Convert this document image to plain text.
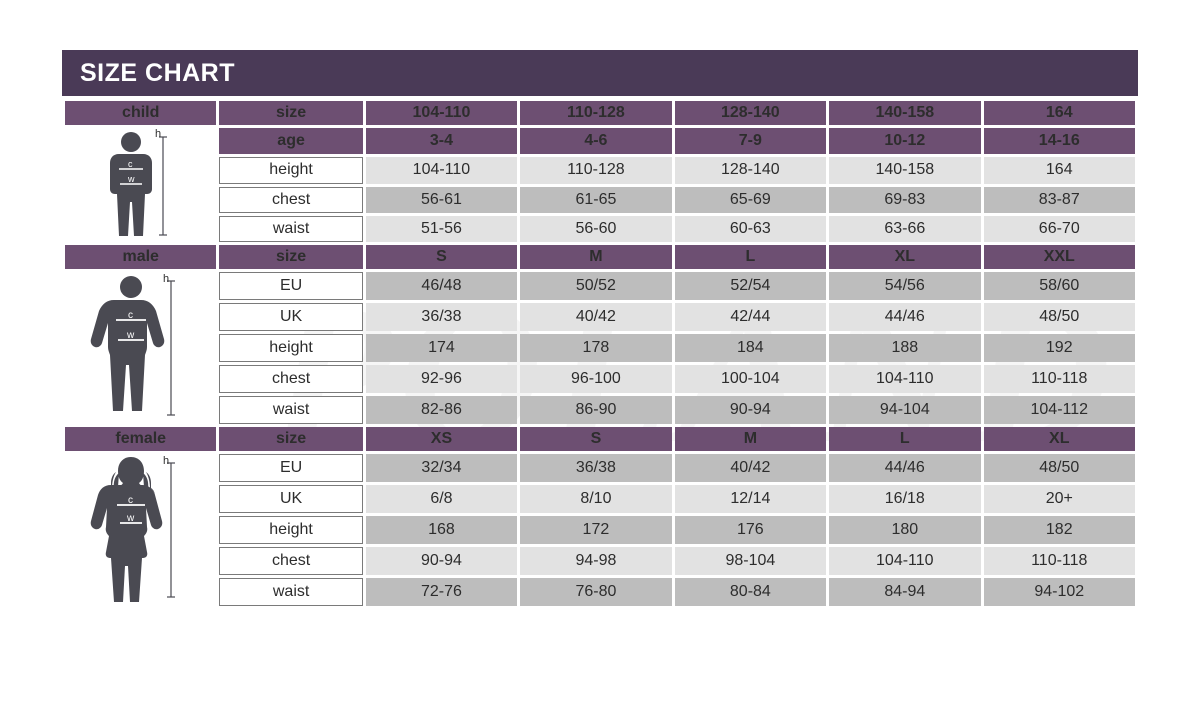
SIZE CHART
child	size	104-110	110-128	128-140	140-158	164

c
w
h	age	3-4	4-6	7-9	10-12	14-16
	height	104-110	110-128	128-140	140-158	164
	chest	56-61	61-65	65-69	69-83	83-87
	waist	51-56	56-60	60-63	63-66	66-70
male	size	S	M	L	XL	XXL

c
w
h	EU	46/48	50/52	52/54	54/56	58/60
	UK	36/38	40/42	42/44	44/46	48/50
	height	174	178	184	188	192
	chest	92-96	96-100	100-104	104-110	110-118
	waist	82-86	86-90	90-94	94-104	104-112
female	size	XS	S	M	L	XL

c
w
h	EU	32/34	36/38	40/42	44/46	48/50
	UK	6/8	8/10	12/14	16/18	20+
	height	168	172	176	180	182
	chest	90-94	94-98	98-104	104-110	110-118
	waist	72-76	76-80	80-84	84-94	94-102
